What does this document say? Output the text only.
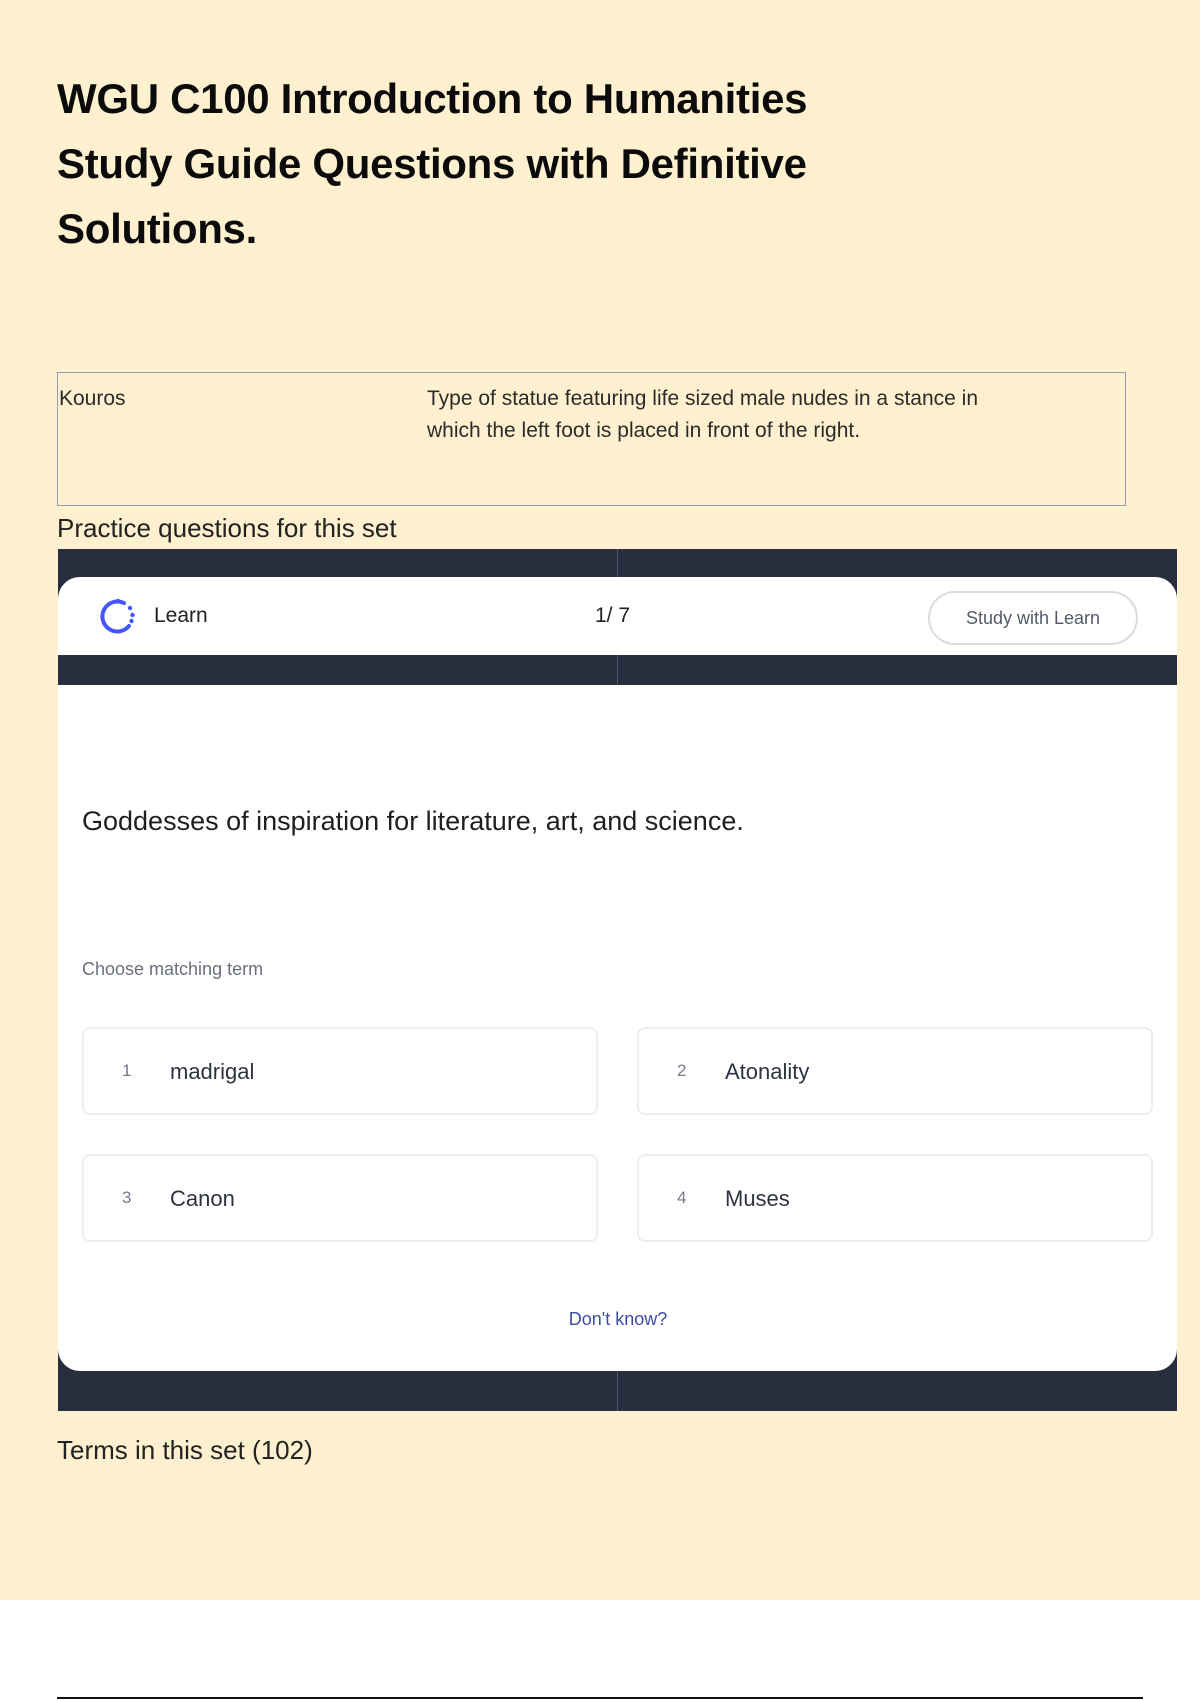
WGU C100 Introduction to Humanities Study Guide Questions with Definitive Solutions.
Kouros	Type of statue featuring life sized male nudes in a stance in which the left foot is placed in front of the right.
Practice questions for this set
Learn	1/ 7	Study with Learn
Goddesses of inspiration for literature, art, and science.
Choose matching term
1 madrigal	2 Atonality
3 Canon	4 Muses
Don't know?
Terms in this set (102)
